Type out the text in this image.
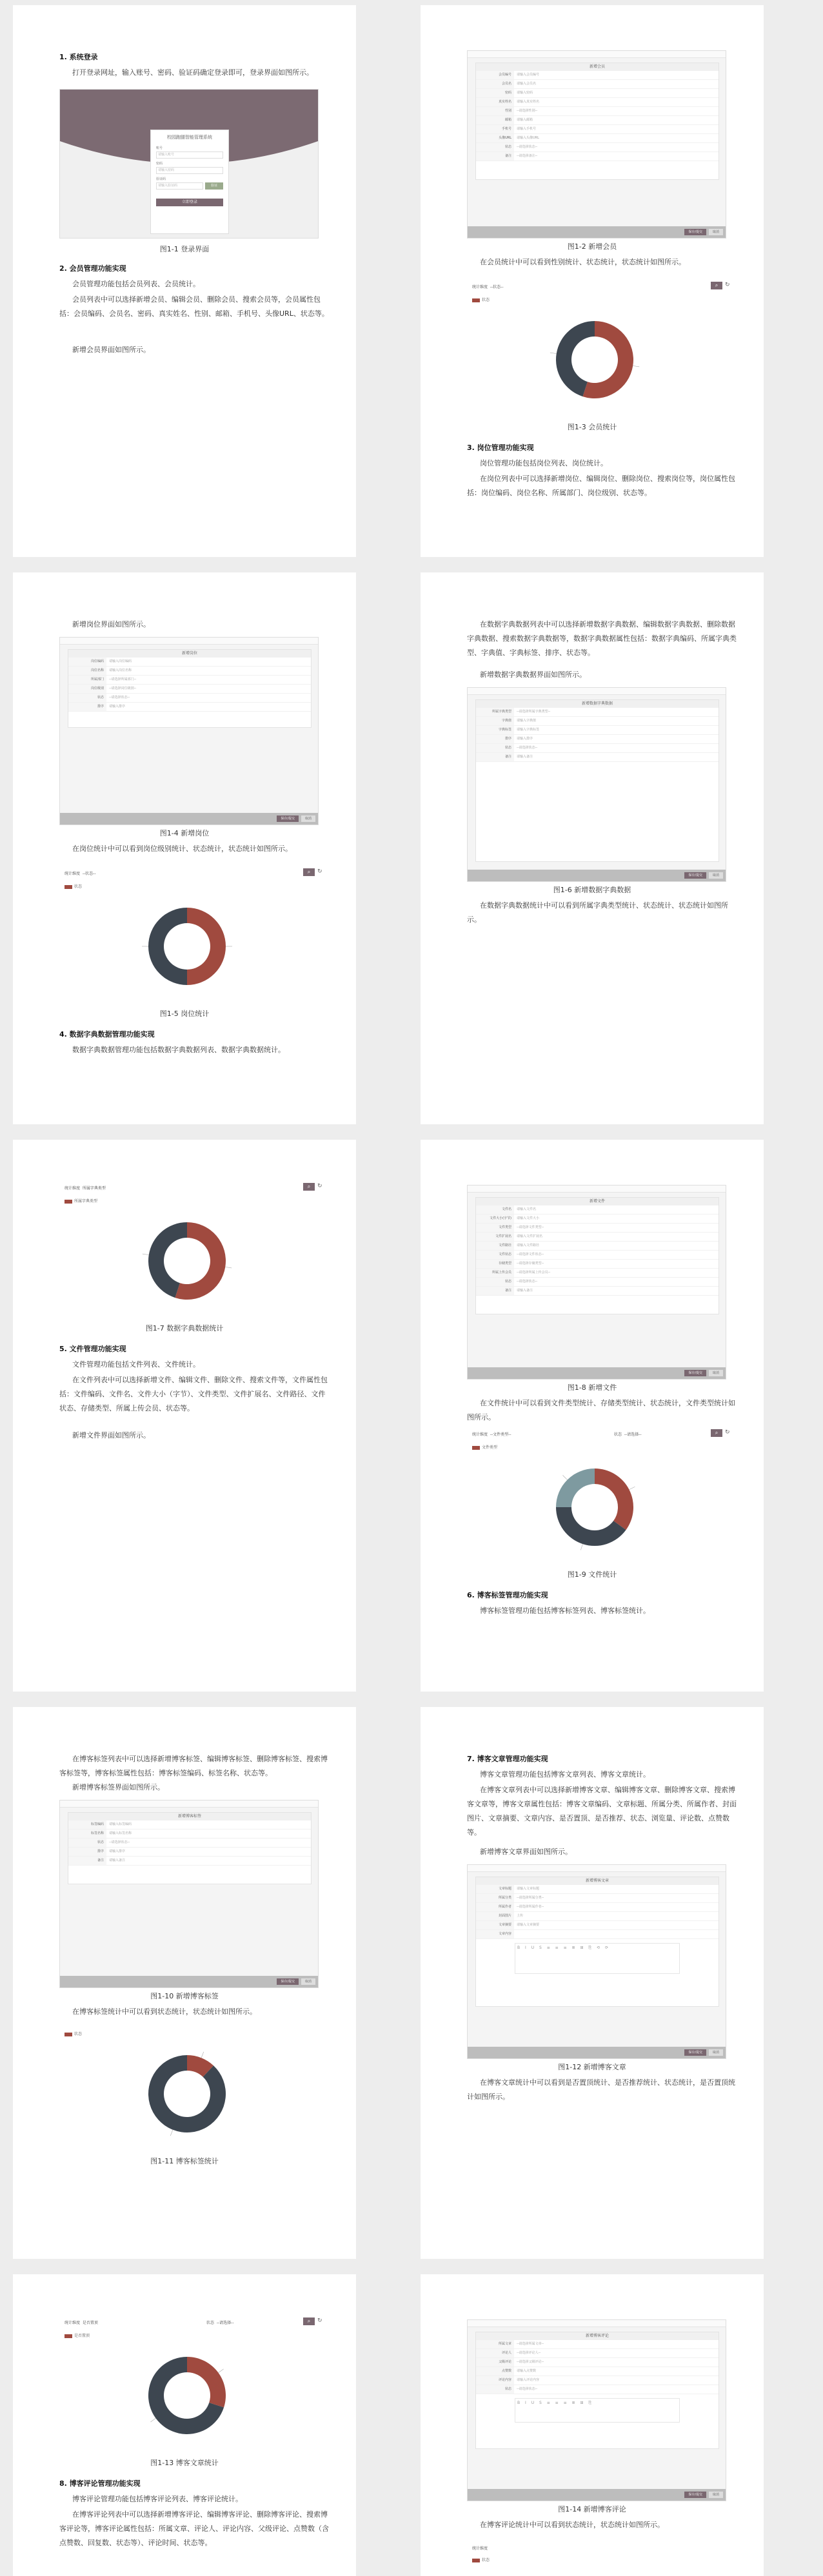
1. 系统登录
打开登录网址，输入账号、密码、验证码确定登录即可，登录界面如图所示。
校园跑腿智能管理系统
账号
请输入账号
密码
请输入密码
验证码
请输入验证码	验证
立即登录
图1-1 登录界面
2. 会员管理功能实现
会员管理功能包括会员列表、会员统计。
会员列表中可以选择新增会员、编辑会员、删除会员、搜索会员等，会员属性包括：会员编码、会员名、密码、真实姓名、性别、邮箱、手机号、头像URL、状态等。
新增会员界面如图所示。
新增会员
会员编号	请输入会员编号
会员名	请输入会员名
密码	请输入密码
真实姓名	请输入真实姓名
性别	--请选择性别--
邮箱	请输入邮箱
手机号	请输入手机号
头像URL	请输入头像URL
状态	--请选择状态--
备注	--请选择备注--
保存/提交	取消
图1-2 新增会员
在会员统计中可以看到性别统计、状态统计，状态统计如图所示。
统计维度 --状态--	⌕	↻
状态
图1-3 会员统计
3. 岗位管理功能实现
岗位管理功能包括岗位列表、岗位统计。
在岗位列表中可以选择新增岗位、编辑岗位、删除岗位、搜索岗位等，岗位属性包括：岗位编码、岗位名称、所属部门、岗位级别、状态等。
新增岗位界面如图所示。
新增岗位
岗位编码	请输入岗位编码
岗位名称	请输入岗位名称
所属部门	--请选择所属部门--
岗位级别	--请选择岗位级别--
状态	--请选择状态--
排序	请输入排序
保存/提交	取消
图1-4 新增岗位
在岗位统计中可以看到岗位级别统计、状态统计，状态统计如图所示。
统计维度 --状态--	⌕	↻
状态
图1-5 岗位统计
4. 数据字典数据管理功能实现
数据字典数据管理功能包括数据字典数据列表、数据字典数据统计。
在数据字典数据列表中可以选择新增数据字典数据、编辑数据字典数据、删除数据字典数据、搜索数据字典数据等，数据字典数据属性包括：数据字典编码、所属字典类型、字典值、字典标签、排序、状态等。
新增数据字典数据界面如图所示。
新增数据字典数据
所属字典类型	--请选择所属字典类型--
字典值	请输入字典值
字典标签	请输入字典标签
排序	请输入排序
状态	--请选择状态--
备注	请输入备注
保存/提交	取消
图1-6 新增数据字典数据
在数据字典数据统计中可以看到所属字典类型统计、状态统计、状态统计如图所示。
统计维度 所属字典类型	⌕	↻
所属字典类型
图1-7 数据字典数据统计
5. 文件管理功能实现
文件管理功能包括文件列表、文件统计。
在文件列表中可以选择新增文件、编辑文件、删除文件、搜索文件等，文件属性包括：文件编码、文件名、文件大小（字节）、文件类型、文件扩展名、文件路径、文件状态、存储类型、所属上传会员、状态等。
新增文件界面如图所示。
新增文件
文件名	请输入文件名
文件大小(字节)	请输入文件大小
文件类型	--请选择文件类型--
文件扩展名	请输入文件扩展名
文件路径	请输入文件路径
文件状态	--请选择文件状态--
存储类型	--请选择存储类型--
所属上传会员	--请选择所属上传会员--
状态	--请选择状态--
备注	请输入备注
保存/提交	取消
图1-8 新增文件
在文件统计中可以看到文件类型统计、存储类型统计、状态统计，文件类型统计如图所示。
统计维度 --文件类型--	状态 --请选择--	⌕	↻
文件类型
图1-9 文件统计
6. 博客标签管理功能实现
博客标签管理功能包括博客标签列表、博客标签统计。
在博客标签列表中可以选择新增博客标签、编辑博客标签、删除博客标签、搜索博客标签等，博客标签属性包括：博客标签编码、标签名称、状态等。
新增博客标签界面如图所示。
新增博客标签
标签编码	请输入标签编码
标签名称	请输入标签名称
状态	--请选择状态--
排序	请输入排序
备注	请输入备注
保存/提交	取消
图1-10 新增博客标签
在博客标签统计中可以看到状态统计，状态统计如图所示。
状态
图1-11 博客标签统计
7. 博客文章管理功能实现
博客文章管理功能包括博客文章列表、博客文章统计。
在博客文章列表中可以选择新增博客文章、编辑博客文章、删除博客文章、搜索博客文章等，博客文章属性包括：博客文章编码、文章标题、所属分类、所属作者、封面图片、文章摘要、文章内容、是否置顶、是否推荐、状态、浏览量、评论数、点赞数等。
新增博客文章界面如图所示。
新增博客文章
文章标题	请输入文章标题
所属分类	--请选择所属分类--
所属作者	--请选择所属作者--
封面图片	上传
文章摘要	请输入文章摘要
文章内容
B I U S ≡ ≡ ≡ ≣ ⊞ ⎘ ⟲ ⟳
保存/提交	取消
图1-12 新增博客文章
在博客文章统计中可以看到是否置顶统计、是否推荐统计、状态统计，是否置顶统计如图所示。
统计维度 是否置顶	状态 --请选择--	⌕	↻
是否置顶
图1-13 博客文章统计
8. 博客评论管理功能实现
博客评论管理功能包括博客评论列表、博客评论统计。
在博客评论列表中可以选择新增博客评论、编辑博客评论、删除博客评论、搜索博客评论等，博客评论属性包括：所属文章、评论人、评论内容、父级评论、点赞数（含点赞数、回复数、状态等）、评论时间、状态等。
新增博客评论
所属文章	--请选择所属文章--
评论人	--请选择评论人--
父级评论	--请选择父级评论--
点赞数	请输入点赞数
评论内容	请输入评论内容
状态	--请选择状态--
B I U S ≡ ≡ ≡ ≣ ⊞ ⎘
保存/提交	取消
图1-14 新增博客评论
在博客评论统计中可以看到状态统计，状态统计如图所示。
统计维度
状态
